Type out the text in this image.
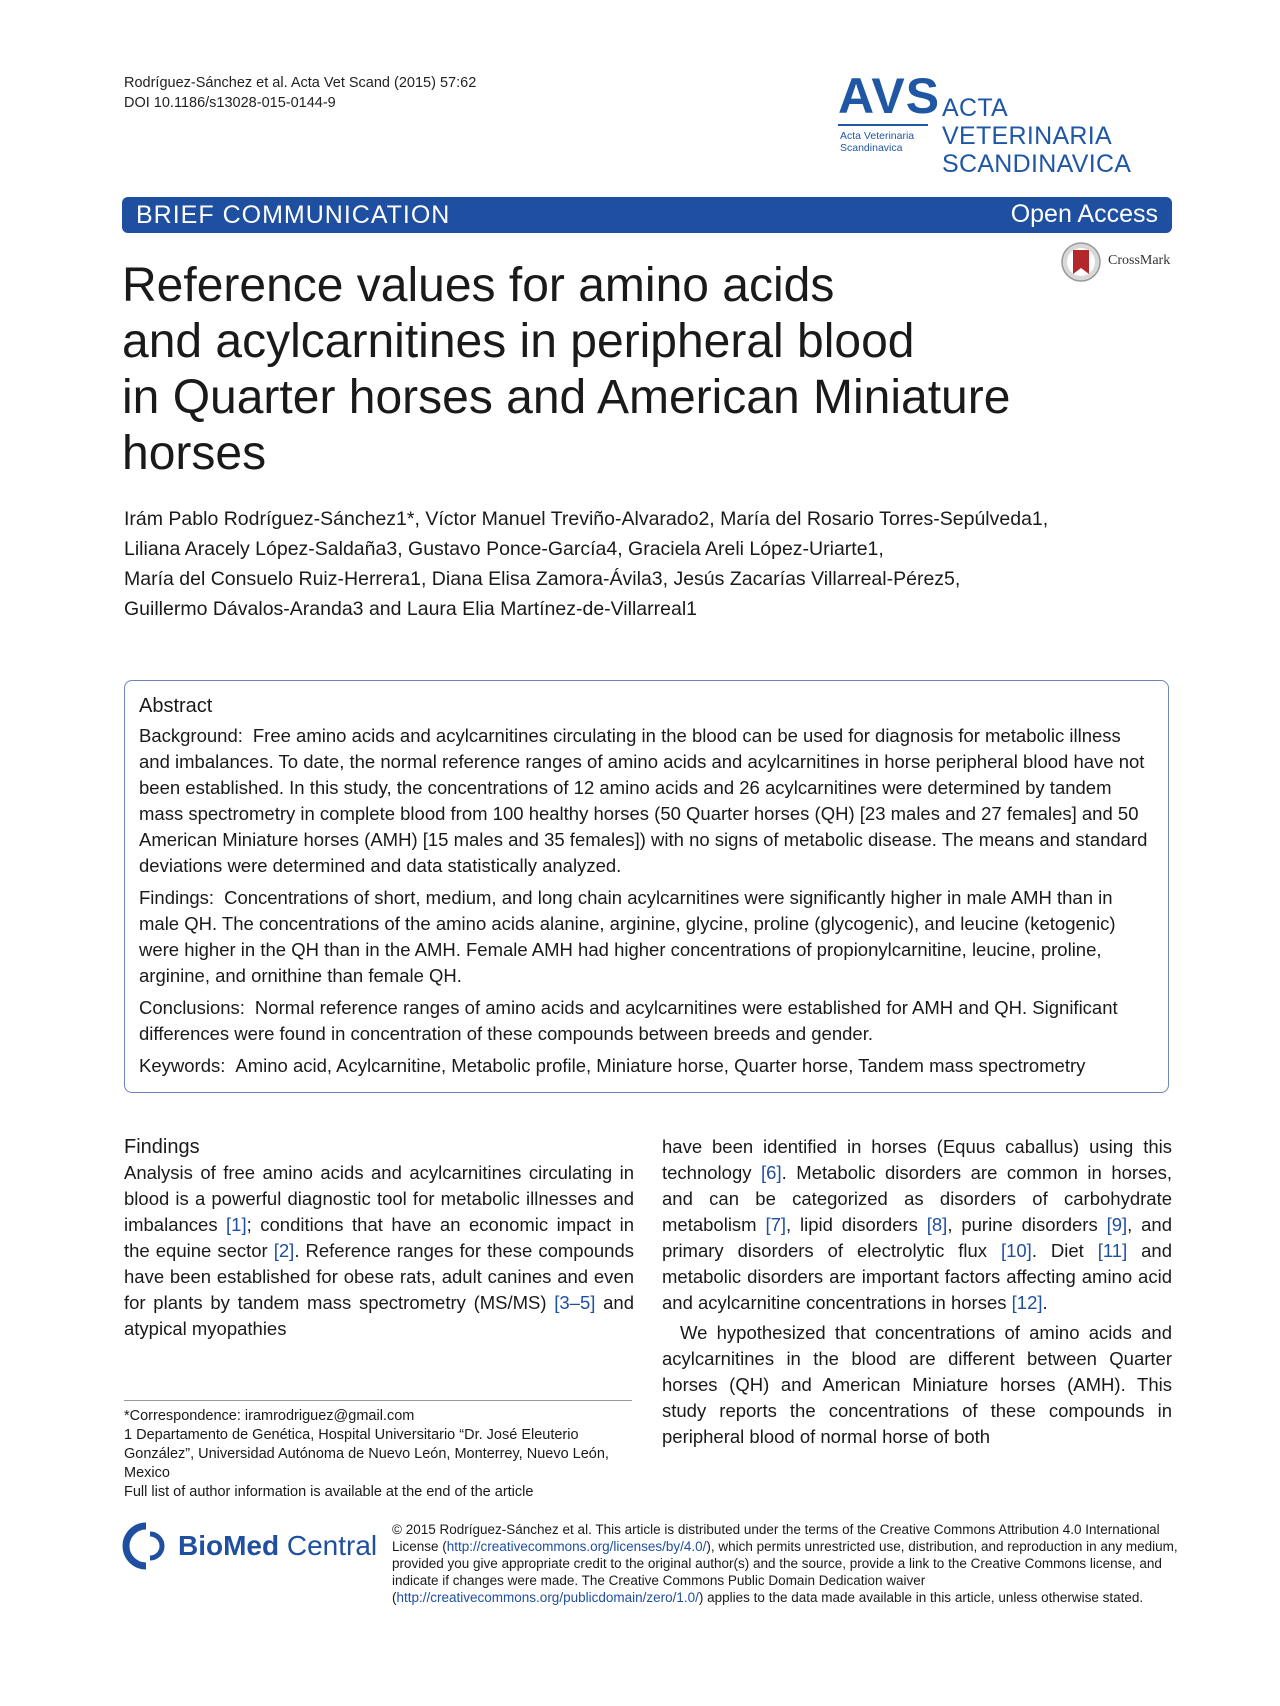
Rodríguez-Sánchez et al. Acta Vet Scand (2015) 57:62
DOI 10.1186/s13028-015-0144-9	AVS
Acta Veterinaria
Scandinavica
ACTA VETERINARIA
SCANDINAVICA
BRIEF COMMUNICATION	Open Access
CrossMark
Reference values for amino acids
and acylcarnitines in peripheral blood
in Quarter horses and American Miniature
horses
Irám Pablo Rodríguez-Sánchez1*, Víctor Manuel Treviño-Alvarado2, María del Rosario Torres-Sepúlveda1,
Liliana Aracely López-Saldaña3, Gustavo Ponce-García4, Graciela Areli López-Uriarte1,
María del Consuelo Ruiz-Herrera1, Diana Elisa Zamora-Ávila3, Jesús Zacarías Villarreal-Pérez5,
Guillermo Dávalos-Aranda3 and Laura Elia Martínez-de-Villarreal1
Abstract

Background: Free amino acids and acylcarnitines circulating in the blood can be used for diagnosis for metabolic illness and imbalances. To date, the normal reference ranges of amino acids and acylcarnitines in horse peripheral blood have not been established. In this study, the concentrations of 12 amino acids and 26 acylcarnitines were determined by tandem mass spectrometry in complete blood from 100 healthy horses (50 Quarter horses (QH) [23 males and 27 females] and 50 American Miniature horses (AMH) [15 males and 35 females]) with no signs of metabolic disease. The means and standard deviations were determined and data statistically analyzed.

Findings: Concentrations of short, medium, and long chain acylcarnitines were significantly higher in male AMH than in male QH. The concentrations of the amino acids alanine, arginine, glycine, proline (glycogenic), and leucine (ketogenic) were higher in the QH than in the AMH. Female AMH had higher concentrations of propionylcarnitine, leucine, proline, arginine, and ornithine than female QH.

Conclusions: Normal reference ranges of amino acids and acylcarnitines were established for AMH and QH. Significant differences were found in concentration of these compounds between breeds and gender.

Keywords: Amino acid, Acylcarnitine, Metabolic profile, Miniature horse, Quarter horse, Tandem mass spectrometry

Findings

Analysis of free amino acids and acylcarnitines circulating in blood is a powerful diagnostic tool for metabolic illnesses and imbalances [1]; conditions that have an economic impact in the equine sector [2]. Reference ranges for these compounds have been established for obese rats, adult canines and even for plants by tandem mass spectrometry (MS/MS) [3–5] and atypical myopathies

have been identified in horses (Equus caballus) using this technology [6]. Metabolic disorders are common in horses, and can be categorized as disorders of carbohydrate metabolism [7], lipid disorders [8], purine disorders [9], and primary disorders of electrolytic flux [10]. Diet [11] and metabolic disorders are important factors affecting amino acid and acylcarnitine concentrations in horses [12].

We hypothesized that concentrations of amino acids and acylcarnitines in the blood are different between Quarter horses (QH) and American Miniature horses (AMH). This study reports the concentrations of these compounds in peripheral blood of normal horse of both

*Correspondence: iramrodriguez@gmail.com
1 Departamento de Genética, Hospital Universitario “Dr. José Eleuterio González”, Universidad Autónoma de Nuevo León, Monterrey, Nuevo León, Mexico
Full list of author information is available at the end of the article
BioMed Central
© 2015 Rodríguez-Sánchez et al. This article is distributed under the terms of the Creative Commons Attribution 4.0 International License (http://creativecommons.org/licenses/by/4.0/), which permits unrestricted use, distribution, and reproduction in any medium, provided you give appropriate credit to the original author(s) and the source, provide a link to the Creative Commons license, and indicate if changes were made. The Creative Commons Public Domain Dedication waiver (http://creativecommons.org/publicdomain/zero/1.0/) applies to the data made available in this article, unless otherwise stated.
